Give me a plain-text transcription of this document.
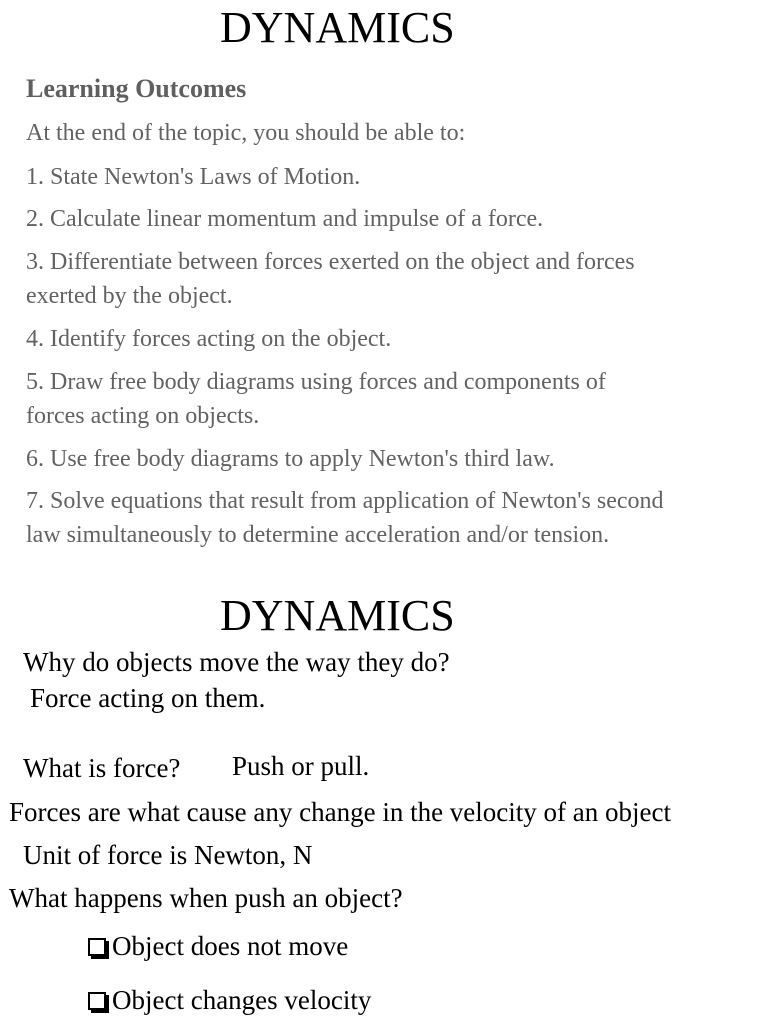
DYNAMICS
Learning Outcomes
At the end of the topic, you should be able to:
1. State Newton's Laws of Motion.
2. Calculate linear momentum and impulse of a force.
3. Differentiate between forces exerted on the object and forces
exerted by the object.
4. Identify forces acting on the object.
5. Draw free body diagrams using forces and components of
forces acting on objects.
6. Use free body diagrams to apply Newton's third law.
7. Solve equations that result from application of Newton's second
law simultaneously to determine acceleration and/or tension.
DYNAMICS
Why do objects move the way they do?
Force acting on them.
What is force? Push or pull.
Forces are what cause any change in the velocity of an object
Unit of force is Newton, N
What happens when push an object?
Object does not move
Object changes velocity
